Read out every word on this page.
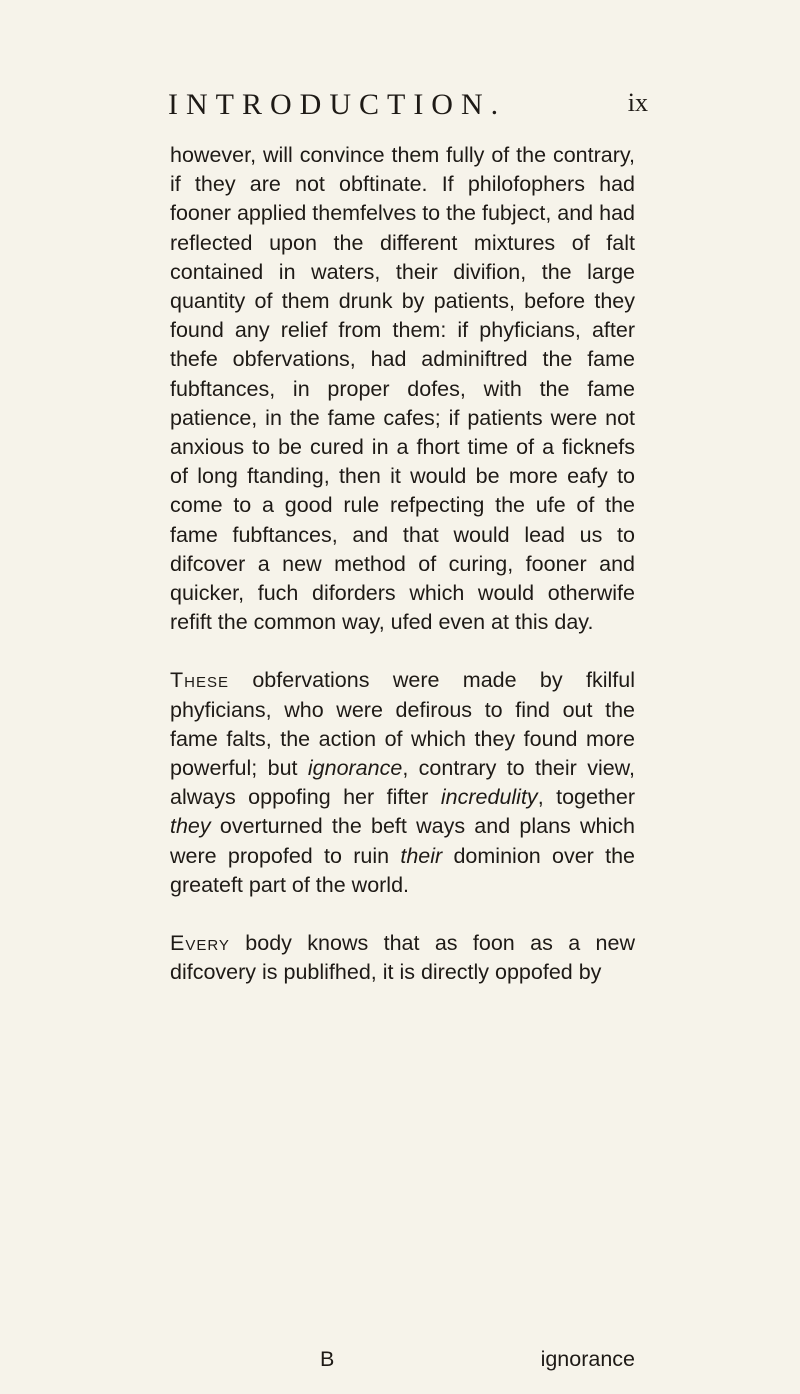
INTRODUCTION.	ix

however, will convince them fully of the contrary, if they are not obftinate. If philofophers had fooner applied themfelves to the fubject, and had reflected upon the different mixtures of falt contained in waters, their divifion, the large quantity of them drunk by patients, before they found any relief from them: if phyficians, after thefe obfervations, had adminiftred the fame fubftances, in proper dofes, with the fame patience, in the fame cafes; if patients were not anxious to be cured in a fhort time of a ficknefs of long ftanding, then it would be more eafy to come to a good rule refpecting the ufe of the fame fubftances, and that would lead us to difcover a new method of curing, fooner and quicker, fuch diforders which would otherwife refift the common way, ufed even at this day.

These obfervations were made by fkilful phyficians, who were defirous to find out the fame falts, the action of which they found more powerful; but ignorance, contrary to their view, always oppofing her fifter incredulity, together they overturned the beft ways and plans which were propofed to ruin their dominion over the greateft part of the world.

Every body knows that as foon as a new difcovery is publifhed, it is directly oppofed by

B	ignorance
